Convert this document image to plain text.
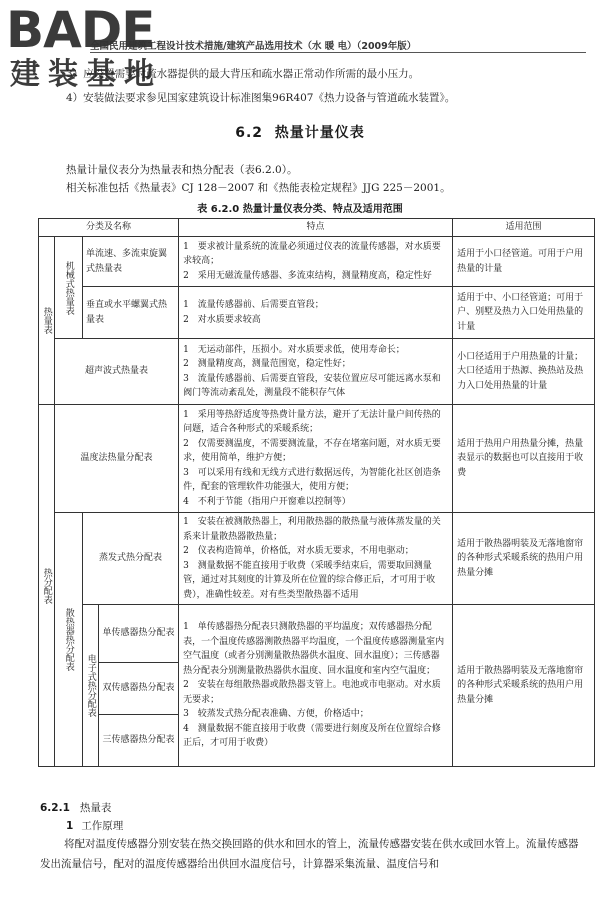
BADE
建装基地
全国民用建筑工程设计技术措施/建筑产品选用技术（水 暖 电）（2009年版）
3）应设置需要时疏水器提供的最大背压和疏水器正常动作所需的最小压力。
4）安装做法要求参见国家建筑设计标准图集96R407《热力设备与管道疏水装置》。
6.2 热量计量仪表
热量计量仪表分为热量表和热分配表（表6.2.0）。
相关标准包括《热量表》CJ 128－2007 和《热能表检定规程》JJG 225－2001。
表 6.2.0 热量计量仪表分类、特点及适用范围
分类及名称				特点	适用范围
热量表	机械式热量表	单流速、多流束旋翼式热量表		1　要求被计量系统的流量必须通过仪表的流量传感器，对水质要求较高；
2　采用无磁流量传感器、多流束结构，测量精度高，稳定性好	适用于小口径管道。可用于户用热量的计量
		垂直或水平螺翼式热量表		1　流量传感器前、后需要直管段；
2　对水质要求较高	适用于中、小口径管道；可用于户、别墅及热力入口处用热量的计量
	超声波式热量表			1　无运动部件，压损小。对水质要求低，使用寿命长；
2　测量精度高，测量范围宽，稳定性好；
3　流量传感器前、后需要直管段，安装位置应尽可能远离水泵和阀门等流动紊乱处，测量段不能积存气体	小口径适用于户用热量的计量；大口径适用于热源、换热站及热力入口处用热量的计量
热分配表	温度法热量分配表			1　采用等热舒适度等热费计量方法，避开了无法计量户间传热的问题，适合各种形式的采暖系统；
2　仅需要测温度，不需要测流量，不存在堵塞问题，对水质无要求，使用简单，维护方便；
3　可以采用有线和无线方式进行数据远传，为智能化社区创造条件，配套的管理软件功能强大，使用方便；
4　不利于节能（指用户开窗难以控制等）	适用于热用户用热量分摊，热量表显示的数据也可以直接用于收费
	散热器热分配表	蒸发式热分配表		1　安装在被测散热器上，利用散热器的散热量与液体蒸发量的关系来计量散热器散热量；
2　仪表构造简单，价格低，对水质无要求，不用电驱动；
3　测量数据不能直接用于收费（采暖季结束后，需要取回测量管，通过对其刻度的计算及所在位置的综合修正后，才可用于收费），准确性较差。对有些类型散热器不适用	适用于散热器明装及无落地窗帘的各种形式采暖系统的热用户用热量分摊
		电子式热分配表	单传感器热分配表	1　单传感器热分配表只测散热器的平均温度；双传感器热分配表，一个温度传感器测散热器平均温度，一个温度传感器测量室内空气温度（或者分别测量散热器供水温度、回水温度）；三传感器热分配表分别测量散热器供水温度、回水温度和室内空气温度；
2　安装在每组散热器或散热器支管上。电池或市电驱动。对水质无要求；
3　较蒸发式热分配表准确、方便，价格适中；
4　测量数据不能直接用于收费（需要进行刻度及所在位置综合修正后，才可用于收费）	适用于散热器明装及无落地窗帘的各种形式采暖系统的热用户用热量分摊
			双传感器热分配表		
			三传感器热分配表		
6.2.1 热量表
1 工作原理
将配对温度传感器分别安装在热交换回路的供水和回水的管上，流量传感器安装在供水或回水管上。流量传感器发出流量信号，配对的温度传感器给出供回水温度信号，计算器采集流量、温度信号和
